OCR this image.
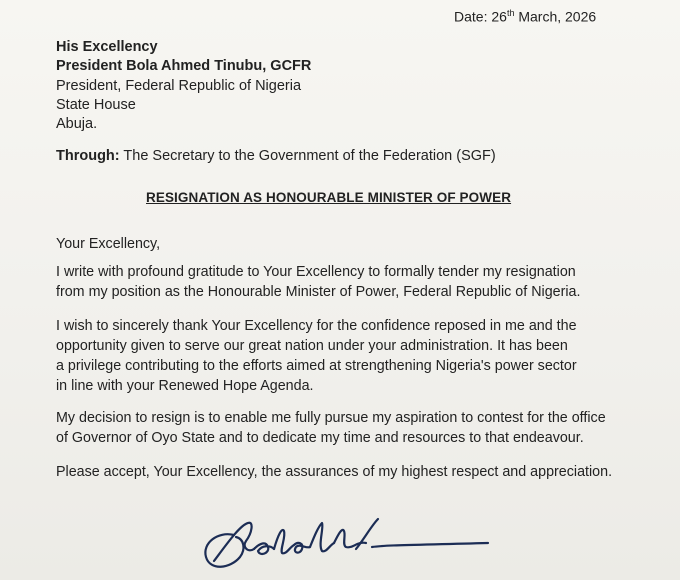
Date: 26th March, 2026
His Excellency
President Bola Ahmed Tinubu, GCFR
President, Federal Republic of Nigeria
State House
Abuja.
Through: The Secretary to the Government of the Federation (SGF)
RESIGNATION AS HONOURABLE MINISTER OF POWER
Your Excellency,
I write with profound gratitude to Your Excellency to formally tender my resignation
from my position as the Honourable Minister of Power, Federal Republic of Nigeria.
I wish to sincerely thank Your Excellency for the confidence reposed in me and the
opportunity given to serve our great nation under your administration. It has been
a privilege contributing to the efforts aimed at strengthening Nigeria's power sector
in line with your Renewed Hope Agenda.
My decision to resign is to enable me fully pursue my aspiration to contest for the office
of Governor of Oyo State and to dedicate my time and resources to that endeavour.
Please accept, Your Excellency, the assurances of my highest respect and appreciation.
